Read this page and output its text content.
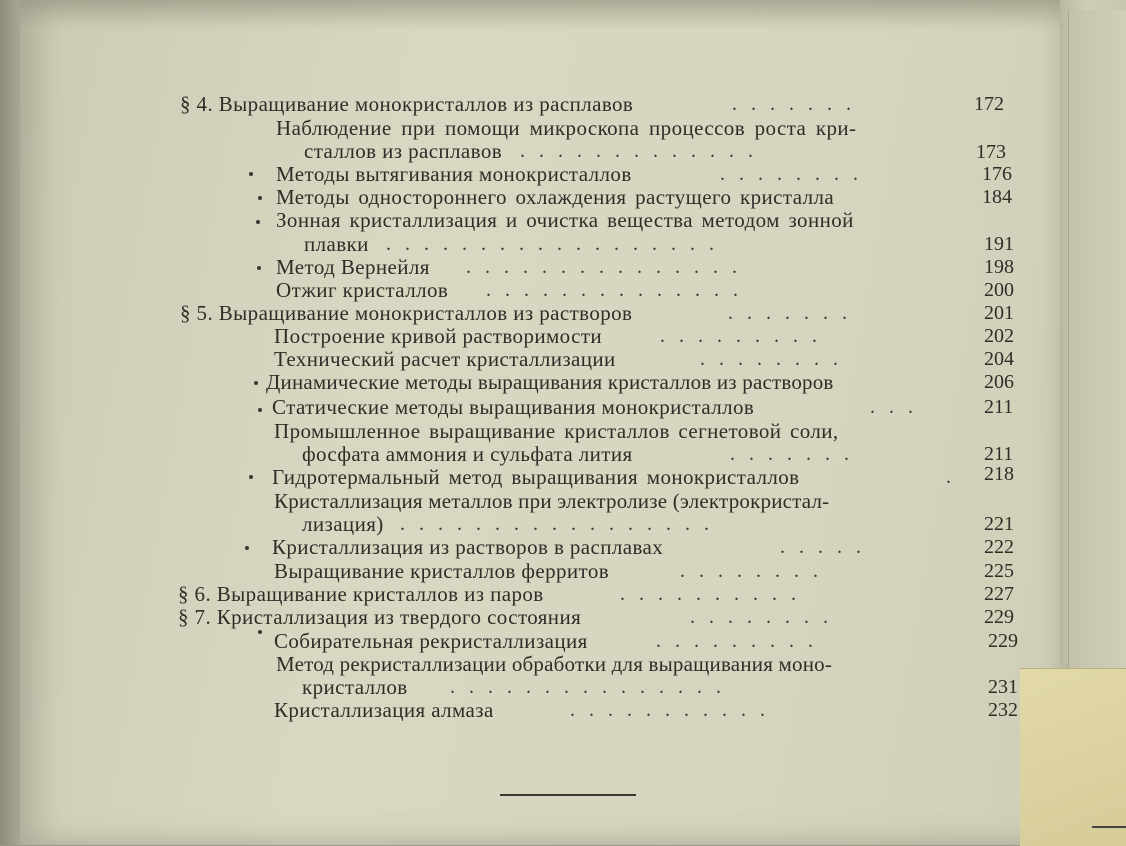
§ 4. Выращивание монокристаллов из расплавов	.......	172
Наблюдение при помощи микроскопа процессов роста кри-
сталлов из расплавов .............	173
Методы вытягивания монокристаллов	........	176
Методы одностороннего охлаждения растущего кристалла	184
Зонная кристаллизация и очистка вещества методом зонной
плавки ..................	191
Метод Вернейля ...............	198
Отжиг кристаллов ..............	200
§ 5. Выращивание монокристаллов из растворов	.......	201
Построение кривой растворимости	.........	202
Технический расчет кристаллизации	........	204
Динамические методы выращивания кристаллов из растворов	206
Статические методы выращивания монокристаллов	...	211
Промышленное выращивание кристаллов сегнетовой соли,
фосфата аммония и сульфата лития	.......	211
Гидротермальный метод выращивания монокристаллов	. 218
Кристаллизация металлов при электролизе (электрокристал-
лизация) .................	221
Кристаллизация из растворов в расплавах	.....	222
Выращивание кристаллов ферритов	........	225
§ 6. Выращивание кристаллов из паров	..........	227
§ 7. Кристаллизация из твердого состояния	........	229
Собирательная рекристаллизация	.........	229
Метод рекристаллизации обработки для выращивания моно-
кристаллов ...............	231
Кристаллизация алмаза	...........	232
